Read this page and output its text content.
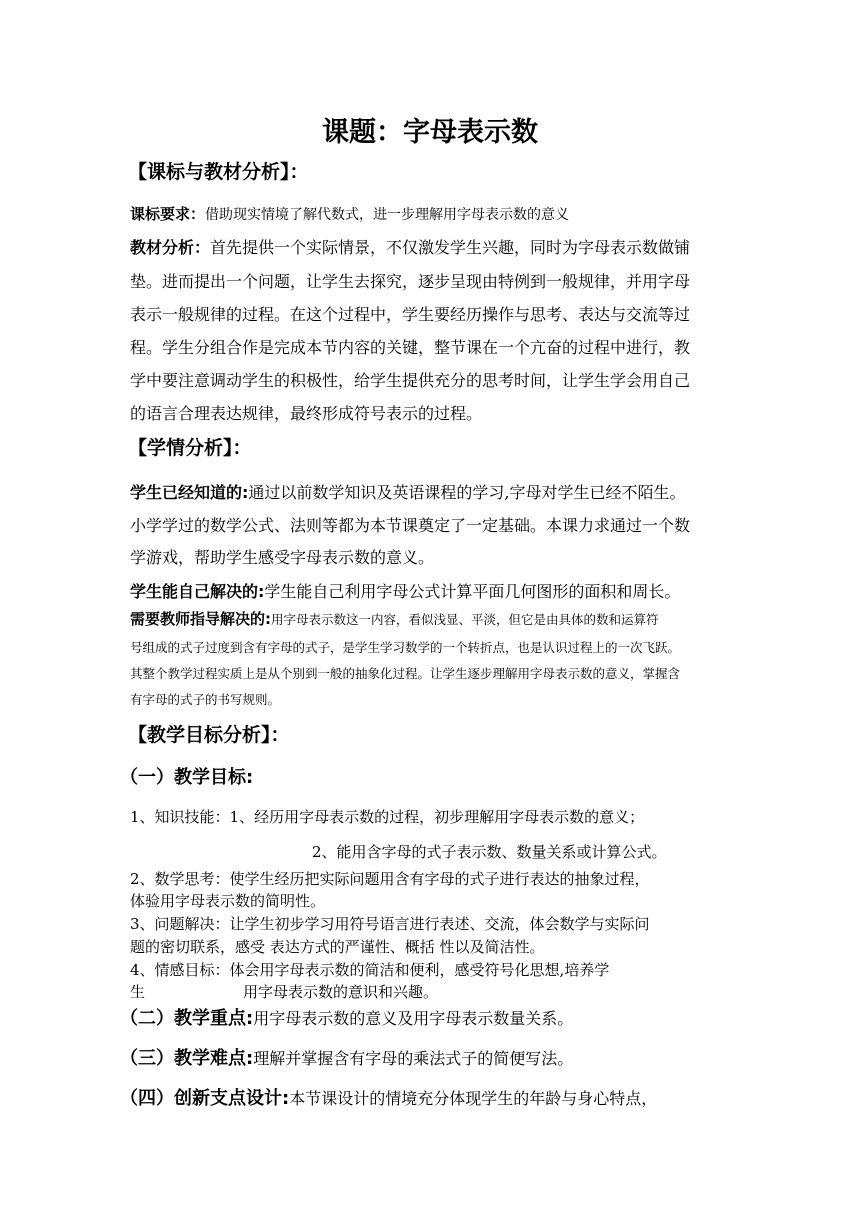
课题：字母表示数
【课标与教材分析】：
课标要求：借助现实情境了解代数式，进一步理解用字母表示数的意义
教材分析：首先提供一个实际情景，不仅激发学生兴趣，同时为字母表示数做铺
垫。进而提出一个问题，让学生去探究，逐步呈现由特例到一般规律，并用字母
表示一般规律的过程。在这个过程中，学生要经历操作与思考、表达与交流等过
程。学生分组合作是完成本节内容的关键，整节课在一个亢奋的过程中进行，教
学中要注意调动学生的积极性，给学生提供充分的思考时间，让学生学会用自己
的语言合理表达规律，最终形成符号表示的过程。
【学情分析】：
学生已经知道的:通过以前数学知识及英语课程的学习,字母对学生已经不陌生。
小学学过的数学公式、法则等都为本节课奠定了一定基础。本课力求通过一个数
学游戏，帮助学生感受字母表示数的意义。
学生能自己解决的:学生能自己利用字母公式计算平面几何图形的面积和周长。
需要教师指导解决的:用字母表示数这一内容，看似浅显、平淡，但它是由具体的数和运算符
号组成的式子过度到含有字母的式子，是学生学习数学的一个转折点，也是认识过程上的一次飞跃。
其整个教学过程实质上是从个别到一般的抽象化过程。让学生逐步理解用字母表示数的意义，掌握含
有字母的式子的书写规则。
【教学目标分析】：
（一）教学目标:
1、知识技能：1、经历用字母表示数的过程，初步理解用字母表示数的意义；
2、能用含字母的式子表示数、数量关系或计算公式。
2、数学思考：使学生经历把实际问题用含有字母的式子进行表达的抽象过程，
体验用字母表示数的简明性。
3、问题解决：让学生初步学习用符号语言进行表述、交流，体会数学与实际问
题的密切联系，感受 表达方式的严谨性、概括 性以及简洁性。
4、情感目标：体会用字母表示数的简洁和便利，感受符号化思想,培养学
生	用字母表示数的意识和兴趣。
（二）教学重点:用字母表示数的意义及用字母表示数量关系。
（三）教学难点:理解并掌握含有字母的乘法式子的简便写法。
（四）创新支点设计:本节课设计的情境充分体现学生的年龄与身心特点，
